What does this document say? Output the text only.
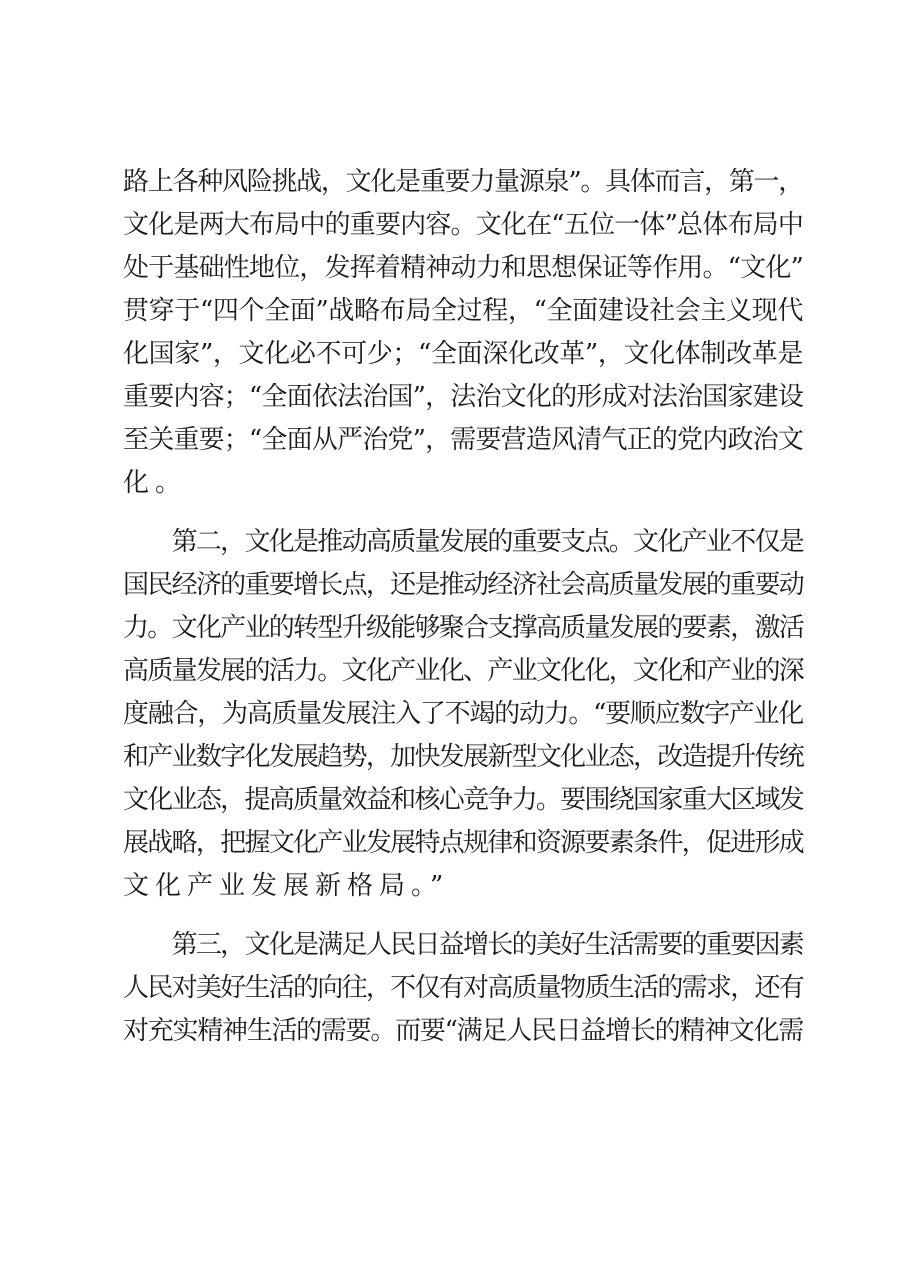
路上各种风险挑战，文化是重要力量源泉”。具体而言，第一，
文化是两大布局中的重要内容。文化在“五位一体”总体布局中
处于基础性地位，发挥着精神动力和思想保证等作用。“文化”
贯穿于“四个全面”战略布局全过程，“全面建设社会主义现代
化国家”，文化必不可少；“全面深化改革”，文化体制改革是
重要内容；“全面依法治国”，法治文化的形成对法治国家建设
至关重要；“全面从严治党”，需要营造风清气正的党内政治文
化。
　　第二，文化是推动高质量发展的重要支点。文化产业不仅是
国民经济的重要增长点，还是推动经济社会高质量发展的重要动
力。文化产业的转型升级能够聚合支撑高质量发展的要素，激活
高质量发展的活力。文化产业化、产业文化化，文化和产业的深
度融合，为高质量发展注入了不竭的动力。“要顺应数字产业化
和产业数字化发展趋势，加快发展新型文化业态，改造提升传统
文化业态，提高质量效益和核心竞争力。要围绕国家重大区域发
展战略，把握文化产业发展特点规律和资源要素条件，促进形成
文化产业发展新格局。”
　　第三，文化是满足人民日益增长的美好生活需要的重要因素
人民对美好生活的向往，不仅有对高质量物质生活的需求，还有
对充实精神生活的需要。而要“满足人民日益增长的精神文化需
